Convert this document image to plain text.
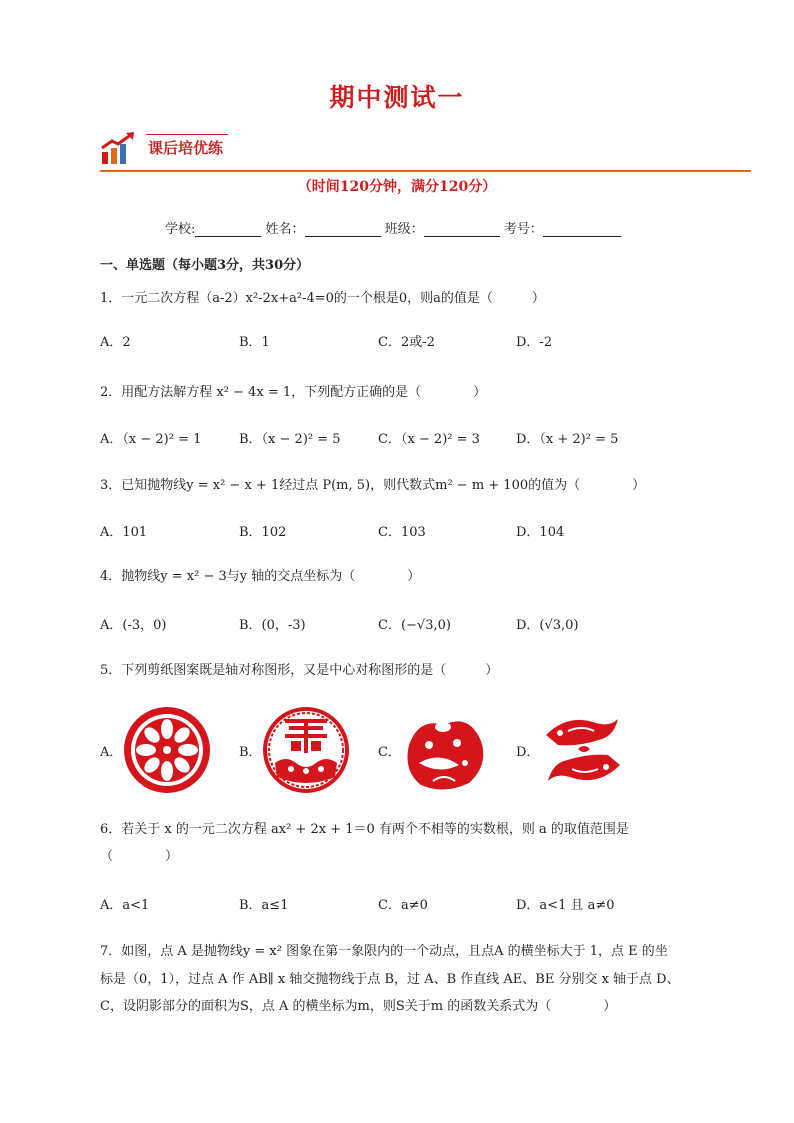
期中测试一
课后培优练
（时间120分钟，满分120分）
学校:	姓名：	班级：	考号：
一、单选题（每小题3分，共30分）
1．一元二次方程（a-2）x²-2x+a²-4=0的一个根是0，则a的值是（　　　）
A．2	B．1	C．2或-2	D．-2
2．用配方法解方程 x² − 4x = 1，下列配方正确的是（　　　　）
A．（x − 2)² = 1	B．（x − 2)² = 5	C．（x − 2)² = 3	D．（x + 2)² = 5
3．已知抛物线y = x² − x + 1经过点 P(m, 5)，则代数式m² − m + 100的值为（　　　　）
A．101	B．102	C．103	D．104
4．抛物线y = x² − 3与y 轴的交点坐标为（　　　　）
A．(-3，0)	B．(0，-3)	C．(−√3,0)	D．(√3,0)
5．下列剪纸图案既是轴对称图形，又是中心对称图形的是（　　　）
A．	B．	C．	D．
6．若关于 x 的一元二次方程 ax² + 2x + 1＝0 有两个不相等的实数根，则 a 的取值范围是
（　　　　）
A．a<1	B．a≤1	C．a≠0	D．a<1 且 a≠0
7．如图，点 A 是抛物线y = x² 图象在第一象限内的一个动点，且点A 的横坐标大于 1，点 E 的坐
标是（0，1），过点 A 作 AB∥ x 轴交抛物线于点 B，过 A、B 作直线 AE、BE 分别交 x 轴于点 D、
C，设阴影部分的面积为S，点 A 的横坐标为m，则S关于m 的函数关系式为（　　　　）
